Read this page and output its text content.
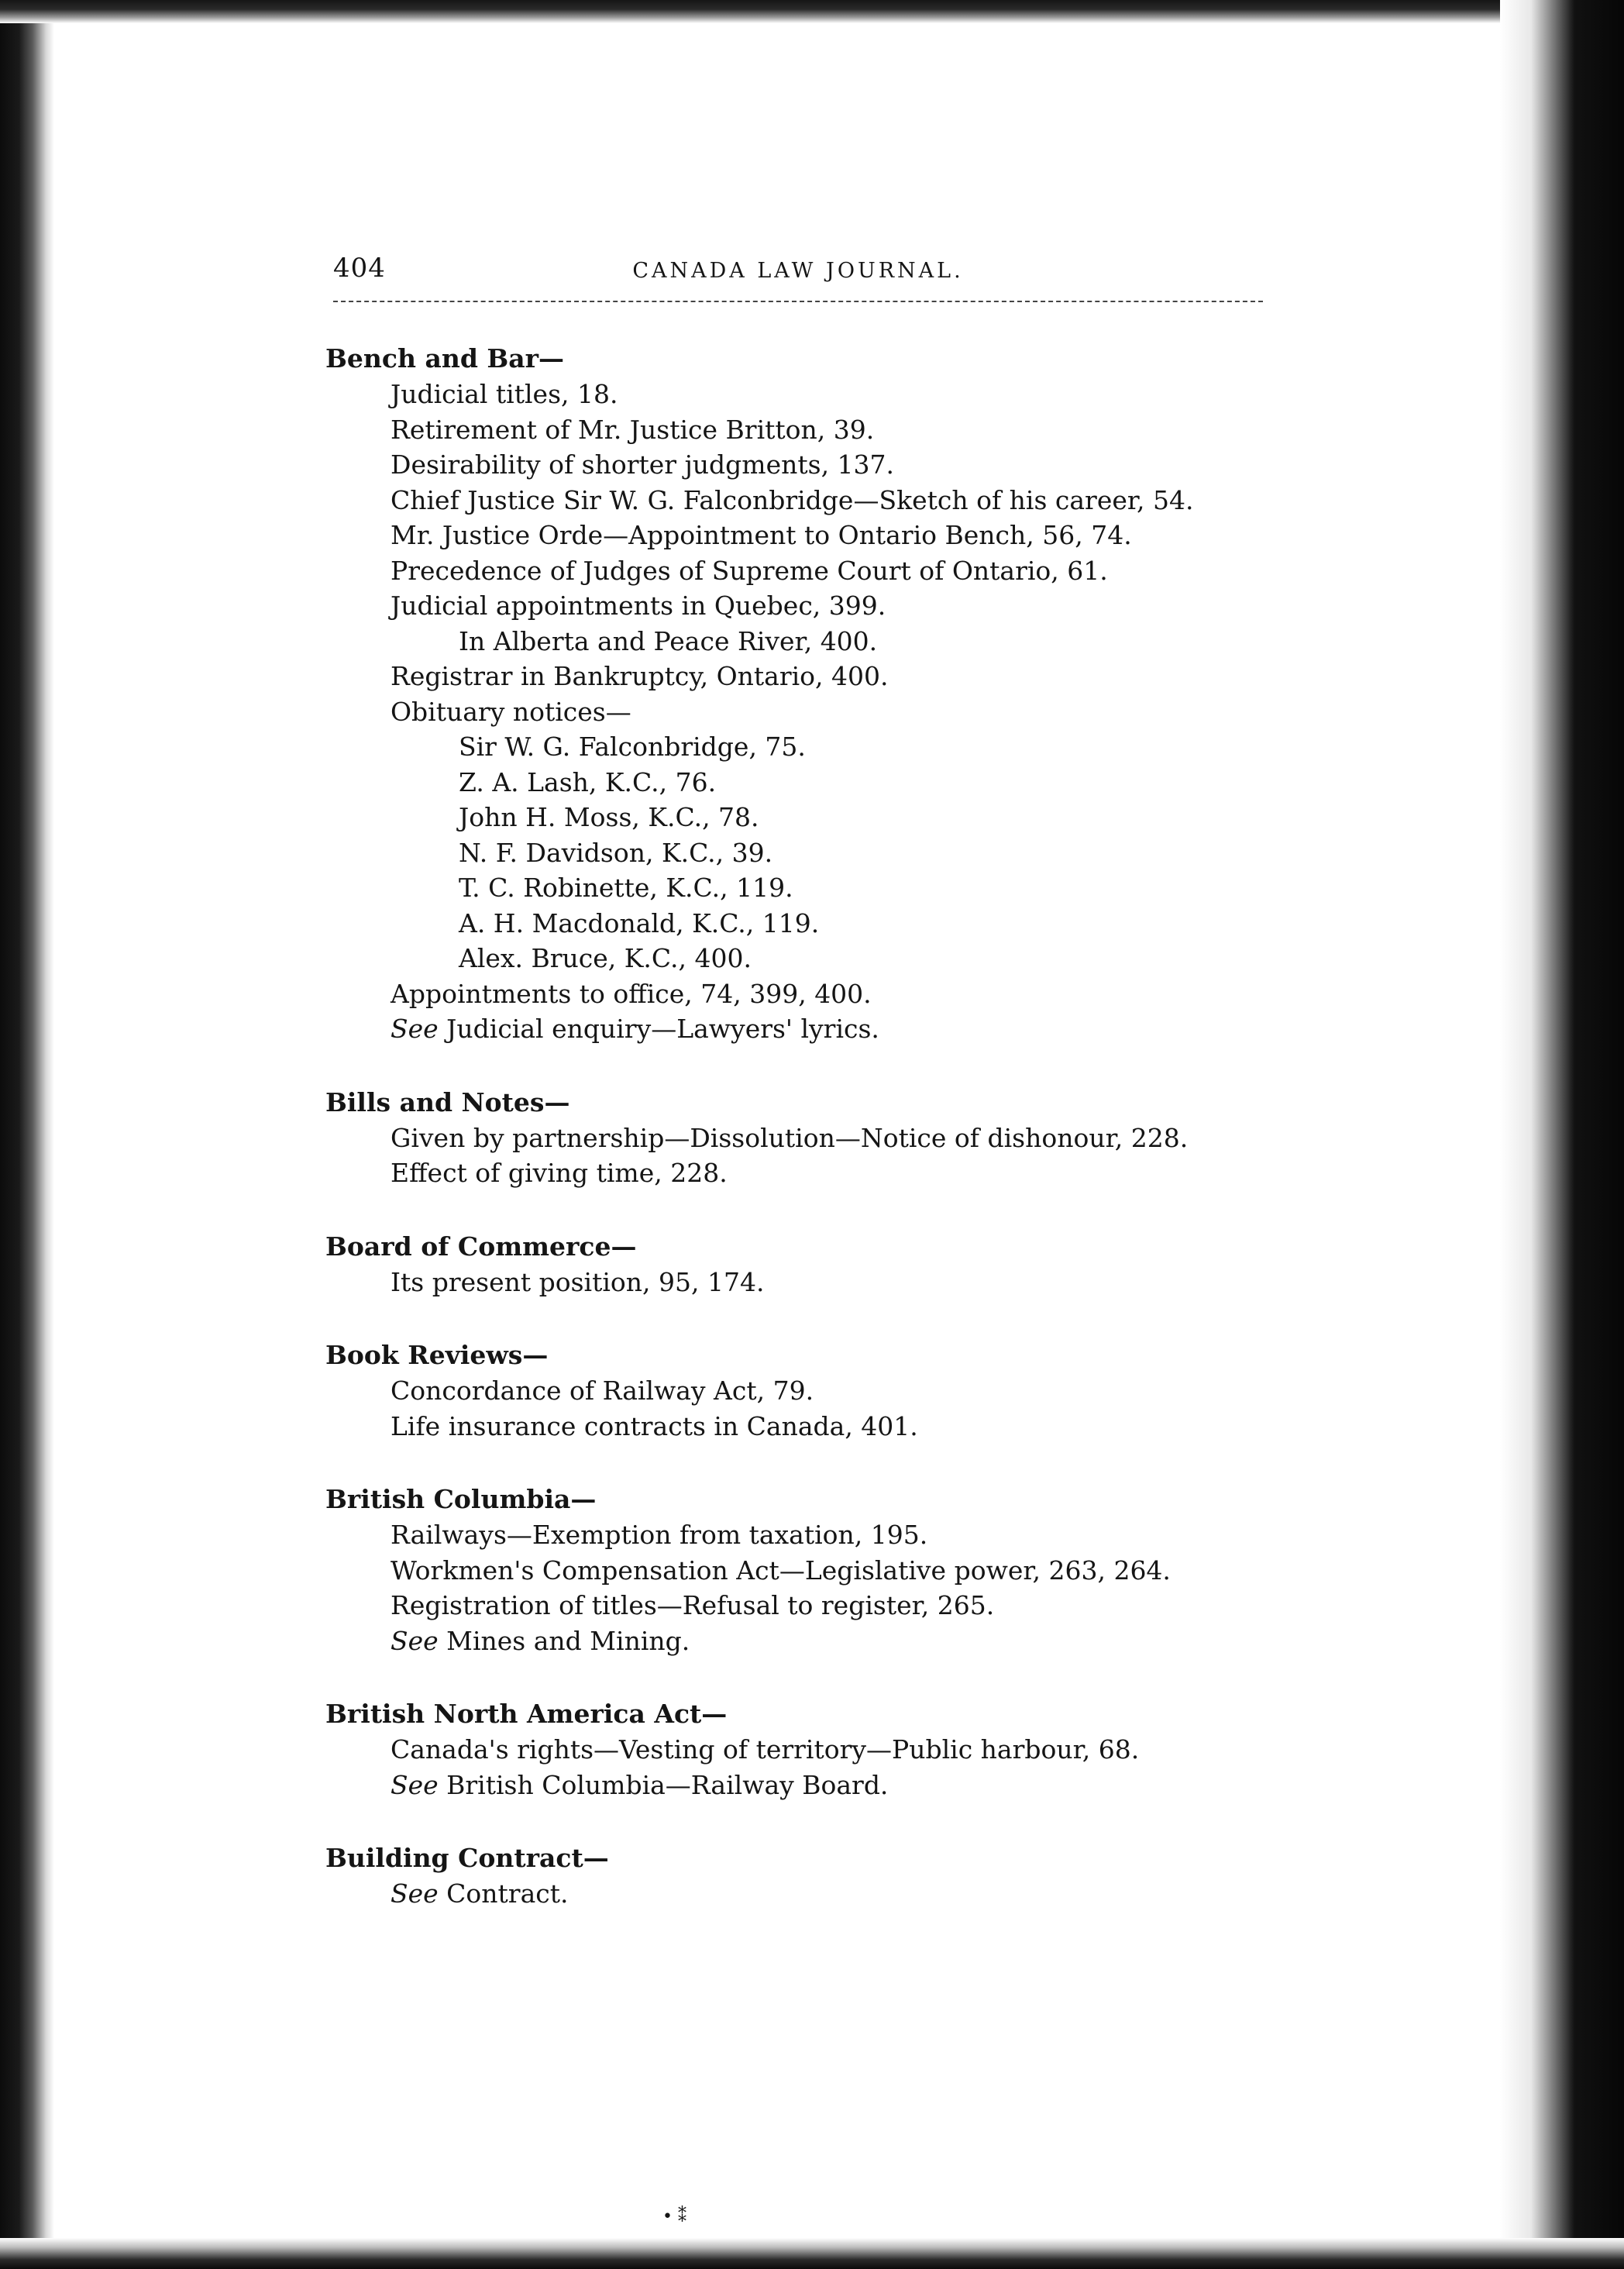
404	CANADA LAW JOURNAL.
Bench and Bar—
Judicial titles, 18.
Retirement of Mr. Justice Britton, 39.
Desirability of shorter judgments, 137.
Chief Justice Sir W. G. Falconbridge—Sketch of his career, 54.
Mr. Justice Orde—Appointment to Ontario Bench, 56, 74.
Precedence of Judges of Supreme Court of Ontario, 61.
Judicial appointments in Quebec, 399.
In Alberta and Peace River, 400.
Registrar in Bankruptcy, Ontario, 400.
Obituary notices—
Sir W. G. Falconbridge, 75.
Z. A. Lash, K.C., 76.
John H. Moss, K.C., 78.
N. F. Davidson, K.C., 39.
T. C. Robinette, K.C., 119.
A. H. Macdonald, K.C., 119.
Alex. Bruce, K.C., 400.
Appointments to office, 74, 399, 400.
See Judicial enquiry—Lawyers' lyrics.
Bills and Notes—
Given by partnership—Dissolution—Notice of dishonour, 228.
Effect of giving time, 228.
Board of Commerce—
Its present position, 95, 174.
Book Reviews—
Concordance of Railway Act, 79.
Life insurance contracts in Canada, 401.
British Columbia—
Railways—Exemption from taxation, 195.
Workmen's Compensation Act—Legislative power, 263, 264.
Registration of titles—Refusal to register, 265.
See Mines and Mining.
British North America Act—
Canada's rights—Vesting of territory—Public harbour, 68.
See British Columbia—Railway Board.
Building Contract—
See Contract.
• ⁑
